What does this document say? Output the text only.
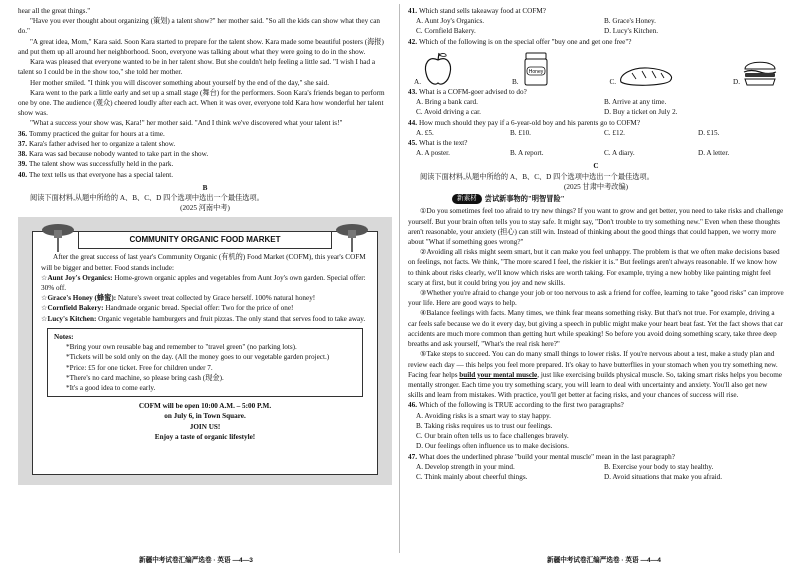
hear all the great things."

"Have you ever thought about organizing (策划) a talent show?" her mother said. "So all the kids can show what they can do."

"A great idea, Mom," Kara said. Soon Kara started to prepare for the talent show. Kara made some beautiful posters (海报) and put them up all around her neighborhood. Soon, everyone was talking about what they were going to do in the show.

Kara was pleased that everyone wanted to be in her talent show. But she couldn't help feeling a little sad. "I wish I had a talent so I could be in the show too," she told her mother.

Her mother smiled. "I think you will discover something about yourself by the end of the day," she said.

Kara went to the park a little early and set up a small stage (舞台) for the performers. Soon Kara's friends began to perform one by one. The audience (观众) cheered loudly after each act. When it was over, everyone told Kara how wonderful her talent show was.

"What a success your show was, Kara!" her mother said. "And I think we've discovered what your talent is!"

36. Tommy practiced the guitar for hours at a time.

37. Kara's father advised her to organize a talent show.

38. Kara was sad because nobody wanted to take part in the show.

39. The talent show was successfully held in the park.

40. The text tells us that everyone has a special talent.

B

阅读下面材料,从题中所给的 A、B、C、D 四个选项中选出一个最佳选项。

(2025 河南中考)

COMMUNITY ORGANIC FOOD MARKET

After the great success of last year's Community Organic (有机的) Food Market (COFM), this year's COFM will be bigger and better. Food stands include:

☆Aunt Joy's Organics: Home-grown organic apples and vegetables from Aunt Joy's own garden. Special offer: 30% off.

☆Grace's Honey (蜂蜜): Nature's sweet treat collected by Grace herself. 100% natural honey!

☆Cornfield Bakery: Handmade organic bread. Special offer: Two for the price of one!

☆Lucy's Kitchen: Organic vegetable hamburgers and fruit pizzas. The only stand that serves food to take away.

Notes:

*Bring your own reusable bag and remember to "travel green" (no parking lots).

*Tickets will be sold only on the day. (All the money goes to our vegetable garden project.)

*Price: £5 for one ticket. Free for children under 7.

*There's no card machine, so please bring cash (现金).

*It's a good idea to come early.

COFM will be open 10:00 A.M. – 5:00 P.M.

on July 6, in Town Square.

JOIN US!

Enjoy a taste of organic lifestyle!

新疆中考试卷汇编严选卷 · 英语 —4—3

41. Which stand sells takeaway food at COFM?

A. Aunt Joy's Organics.	B. Grace's Honey.
C. Cornfield Bakery.	D. Lucy's Kitchen.

42. Which of the following is on the special offer "buy one and get one free"?

A.	B.
Honey
C.	D.

43. What is a COFM-goer advised to do?

A. Bring a bank card.	B. Arrive at any time.
C. Avoid driving a car.	D. Buy a ticket on July 2.

44. How much should they pay if a 6-year-old boy and his parents go to COFM?

A. £5.	B. £10.	C. £12.	D. £15.

45. What is the text?

A. A poster.	B. A report.	C. A diary.	D. A letter.

C

阅读下面材料,从题中所给的 A、B、C、D 四个选项中选出一个最佳选项。

(2025 甘肃中考改编)

新素材	尝试新事物的"明智冒险"

①Do you sometimes feel too afraid to try new things? If you want to grow and get better, you need to take risks and challenge yourself. But your brain often tells you to stay safe. It might say, "Don't trouble to try something new." Even when these thoughts aren't reasonable, your anxiety (担心) can still win. Instead of thinking about the good things that could happen, we worry more about "What if something goes wrong?"

②Avoiding all risks might seem smart, but it can make you feel unhappy. The problem is that we often make decisions based on feelings, not facts. We think, "The more scared I feel, the riskier it is." But feelings aren't always reasonable. If we know how to think about risks clearly, we'll know which risks are worth taking. For example, trying a new hobby like painting might feel scary at first, but it could bring you joy and new skills.

③Whether you're afraid to change your job or too nervous to ask a friend for coffee, learning to take "good risks" can improve your life. Here are good ways to help.

④Balance feelings with facts. Many times, we think fear means something risky. But that's not true. For example, driving a car feels safe because we do it every day, but giving a speech in public might make your heart beat fast. Yet the fact shows that car accidents are much more common than getting hurt while speaking! So before you avoid doing something scary, take three deep breaths and ask yourself, "What's the real risk here?"

⑤Take steps to succeed. You can do many small things to lower risks. If you're nervous about a test, make a study plan and review each day — this helps you feel more prepared. It's okay to have butterflies in your stomach when you try something new. Facing fear helps build your mental muscle, just like exercising builds physical muscle. So, taking smart risks helps you become mentally stronger. Each time you try something scary, you will learn to deal with uncertainty and anxiety. You'll also get new skills and learn from mistakes. With practice, you'll get better at facing risks, and your chances of success will rise.

46. Which of the following is TRUE according to the first two paragraphs?

A. Avoiding risks is a smart way to stay happy.

B. Taking risks requires us to trust our feelings.

C. Our brain often tells us to face challenges bravely.

D. Our feelings often influence us to make decisions.

47. What does the underlined phrase "build your mental muscle" mean in the last paragraph?

A. Develop strength in your mind.	B. Exercise your body to stay healthy.
C. Think mainly about cheerful things.	D. Avoid situations that make you afraid.
新疆中考试卷汇编严选卷 · 英语 —4—4
